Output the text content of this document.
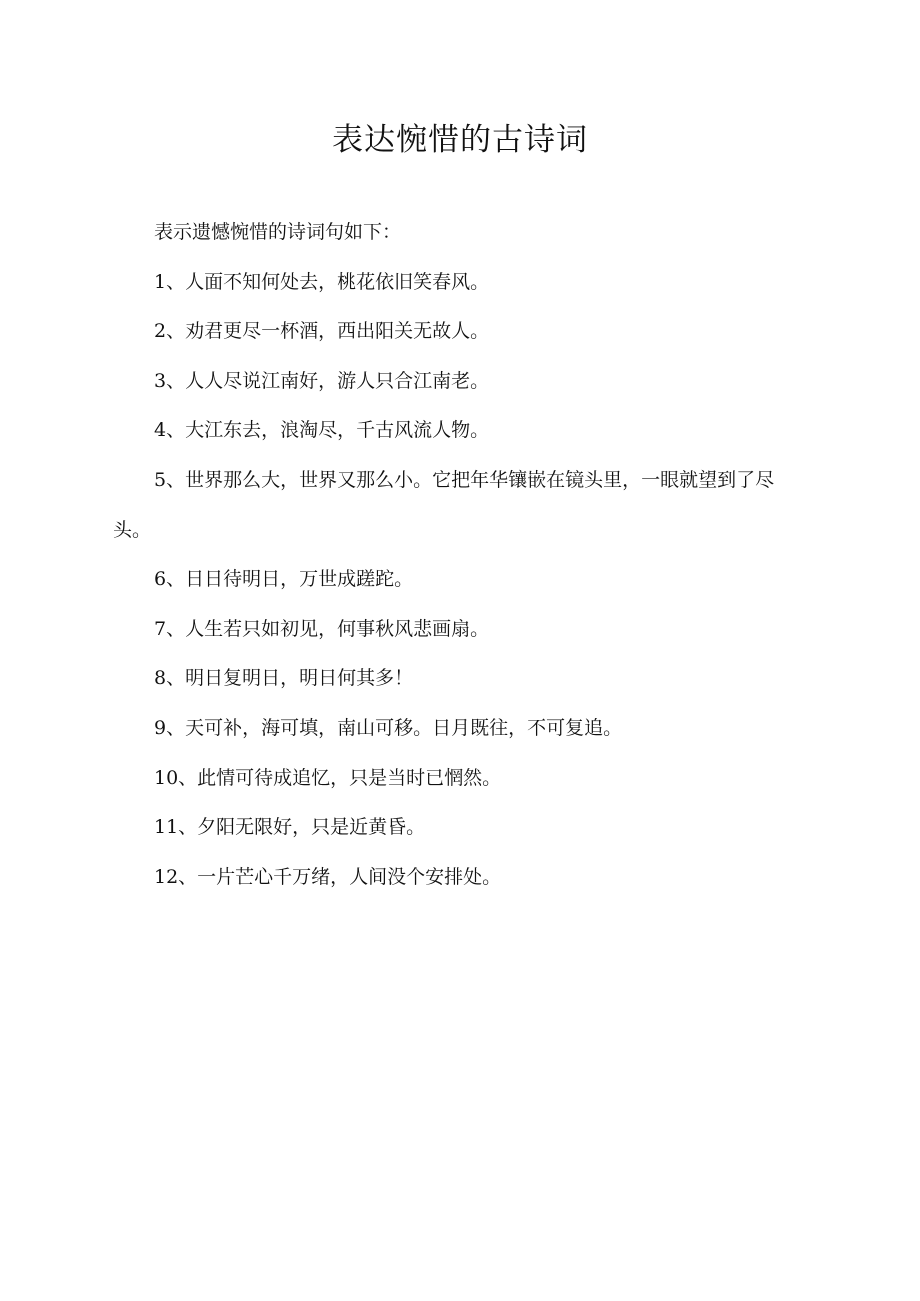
表达惋惜的古诗词

表示遗憾惋惜的诗词句如下：

1、人面不知何处去，桃花依旧笑春风。

2、劝君更尽一杯酒，西出阳关无故人。

3、人人尽说江南好，游人只合江南老。

4、大江东去，浪淘尽，千古风流人物。

5、世界那么大，世界又那么小。它把年华镶嵌在镜头里，一眼就望到了尽头。

6、日日待明日，万世成蹉跎。

7、人生若只如初见，何事秋风悲画扇。

8、明日复明日，明日何其多！

9、天可补，海可填，南山可移。日月既往，不可复追。

10、此情可待成追忆，只是当时已惘然。

11、夕阳无限好，只是近黄昏。

12、一片芒心千万绪，人间没个安排处。
